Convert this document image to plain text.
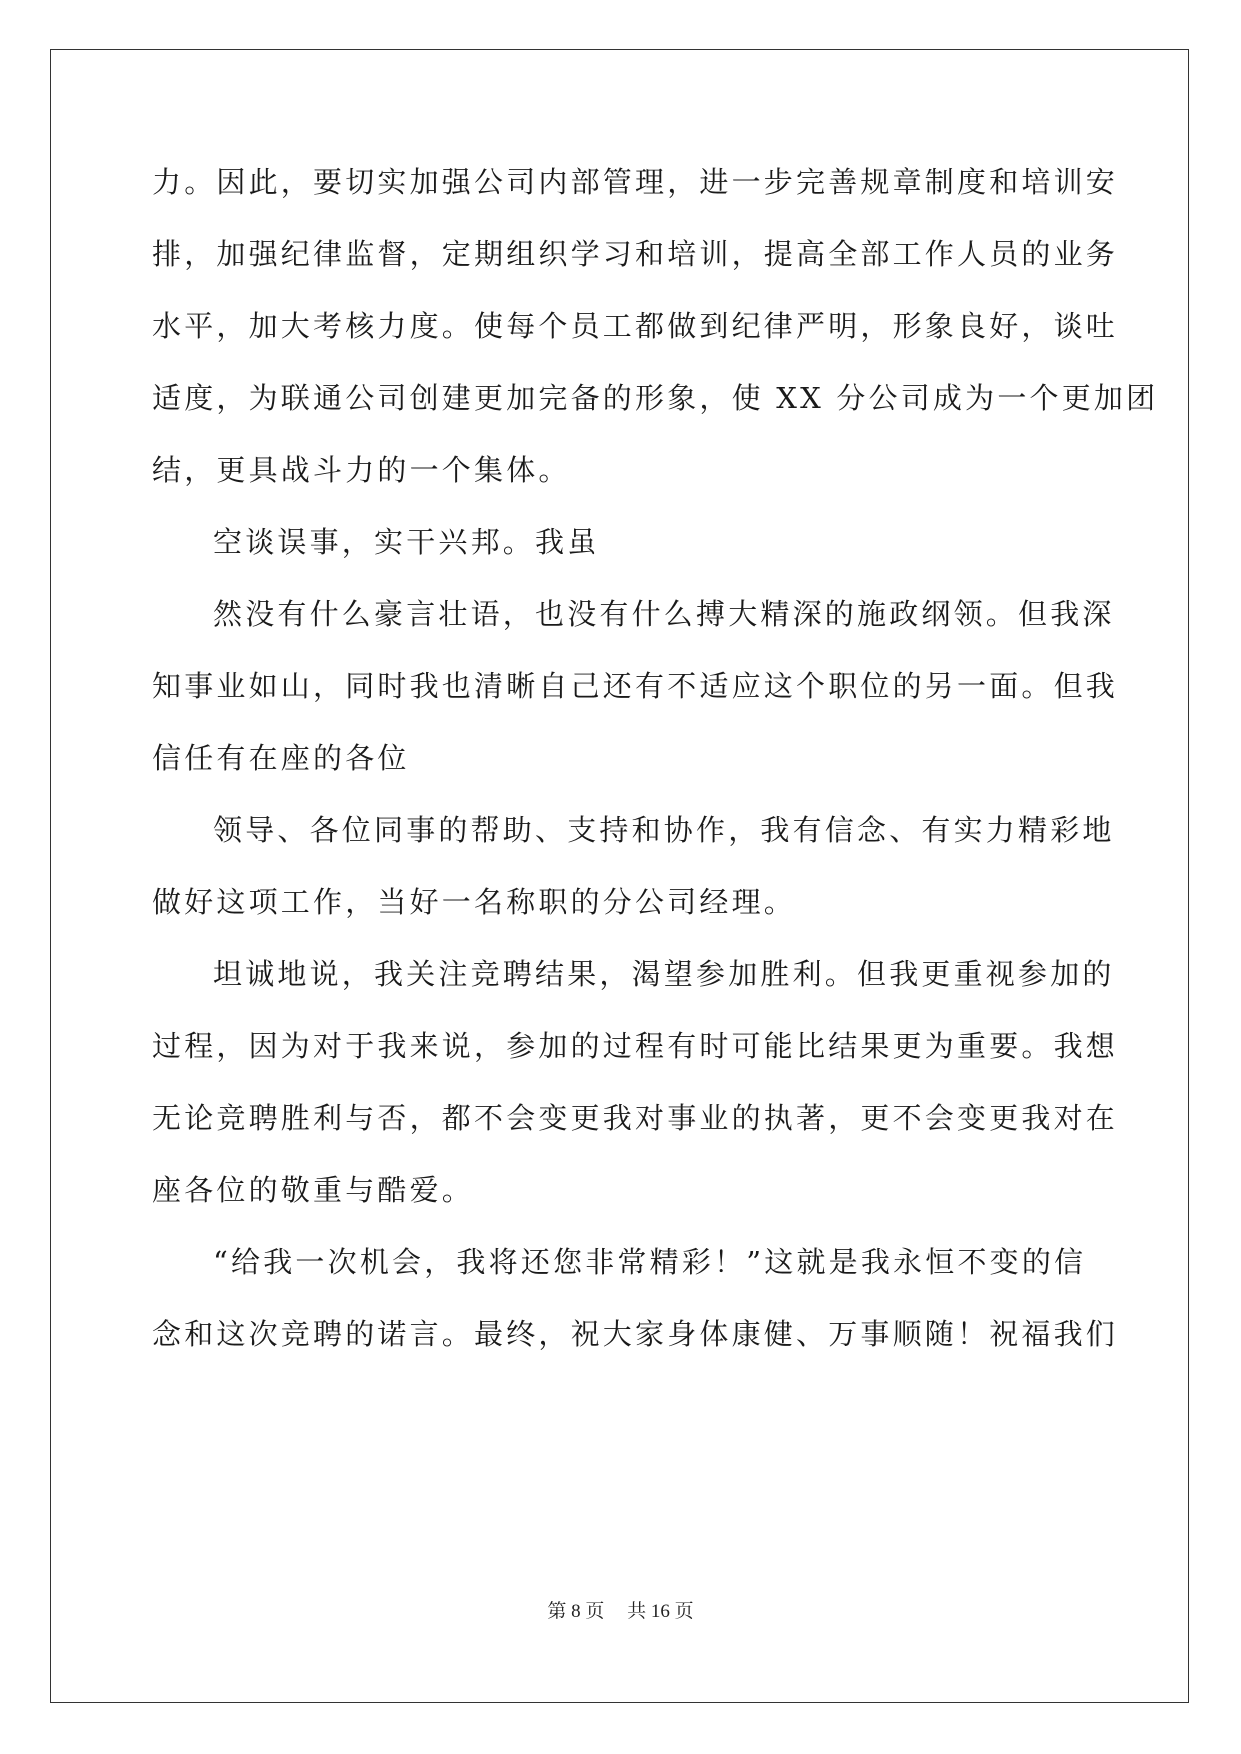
力。因此，要切实加强公司内部管理，进一步完善规章制度和培训安
排，加强纪律监督，定期组织学习和培训，提高全部工作人员的业务
水平，加大考核力度。使每个员工都做到纪律严明，形象良好，谈吐
适度，为联通公司创建更加完备的形象，使 XX 分公司成为一个更加团
结，更具战斗力的一个集体。
空谈误事，实干兴邦。我虽
然没有什么豪言壮语，也没有什么搏大精深的施政纲领。但我深
知事业如山，同时我也清晰自己还有不适应这个职位的另一面。但我
信任有在座的各位
领导、各位同事的帮助、支持和协作，我有信念、有实力精彩地
做好这项工作，当好一名称职的分公司经理。
坦诚地说，我关注竞聘结果，渴望参加胜利。但我更重视参加的
过程，因为对于我来说，参加的过程有时可能比结果更为重要。我想
无论竞聘胜利与否，都不会变更我对事业的执著，更不会变更我对在
座各位的敬重与酷爱。
“给我一次机会，我将还您非常精彩！”这就是我永恒不变的信
念和这次竞聘的诺言。最终，祝大家身体康健、万事顺随！祝福我们
第 8 页 共 16 页
